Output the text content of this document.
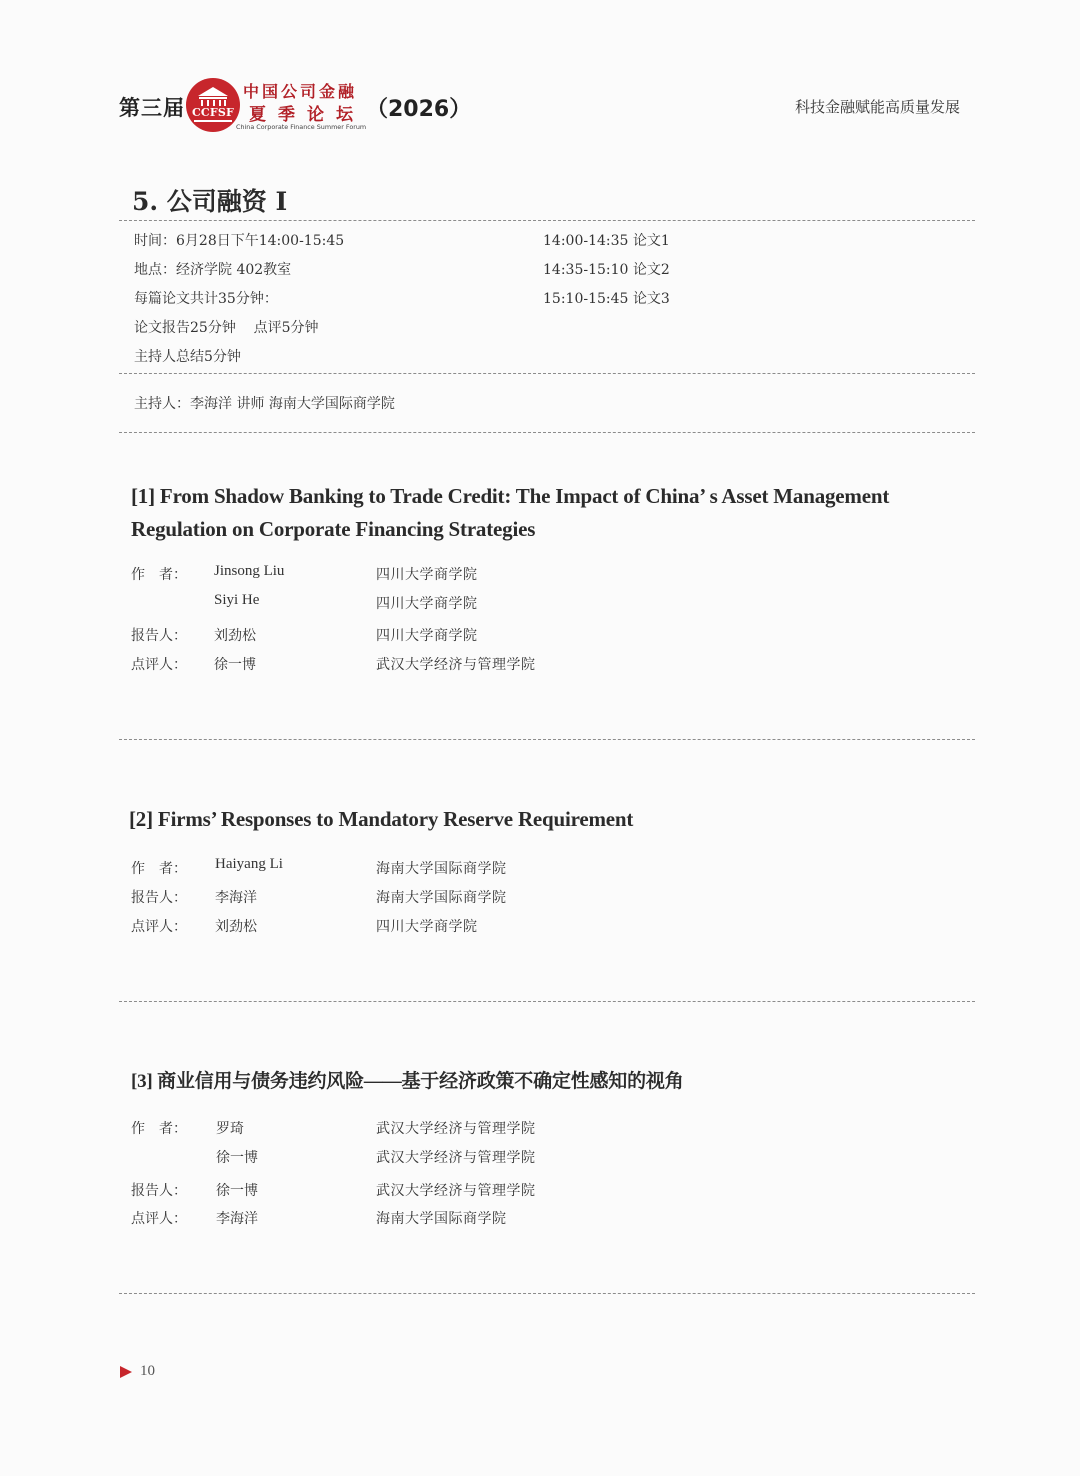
第三届 CCFSF
中国公司金融
夏季论坛
China Corporate Finance Summer Forum
（2026）	科技金融赋能高质量发展
5. 公司融资 I
时间：6月28日下午14:00-15:45
地点：经济学院 402教室
每篇论文共计35分钟：
论文报告25分钟    点评5分钟
主持人总结5分钟
14:00-14:35 论文1
14:35-15:10 论文2
15:10-15:45 论文3
主持人：李海洋 讲师 海南大学国际商学院
[1] From Shadow Banking to Trade Credit: The Impact of China’ s Asset Management
Regulation on Corporate Financing Strategies
作　者：	Jinsong Liu	四川大学商学院
Siyi He	四川大学商学院
报告人：	刘劲松	四川大学商学院
点评人：	徐一博	武汉大学经济与管理学院
[2] Firms’ Responses to Mandatory Reserve Requirement
作　者：	Haiyang Li	海南大学国际商学院
报告人：	李海洋	海南大学国际商学院
点评人：	刘劲松	四川大学商学院
[3] 商业信用与债务违约风险——基于经济政策不确定性感知的视角
作　者：	罗琦	武汉大学经济与管理学院
徐一博	武汉大学经济与管理学院
报告人：	徐一博	武汉大学经济与管理学院
点评人：	李海洋	海南大学国际商学院
10
